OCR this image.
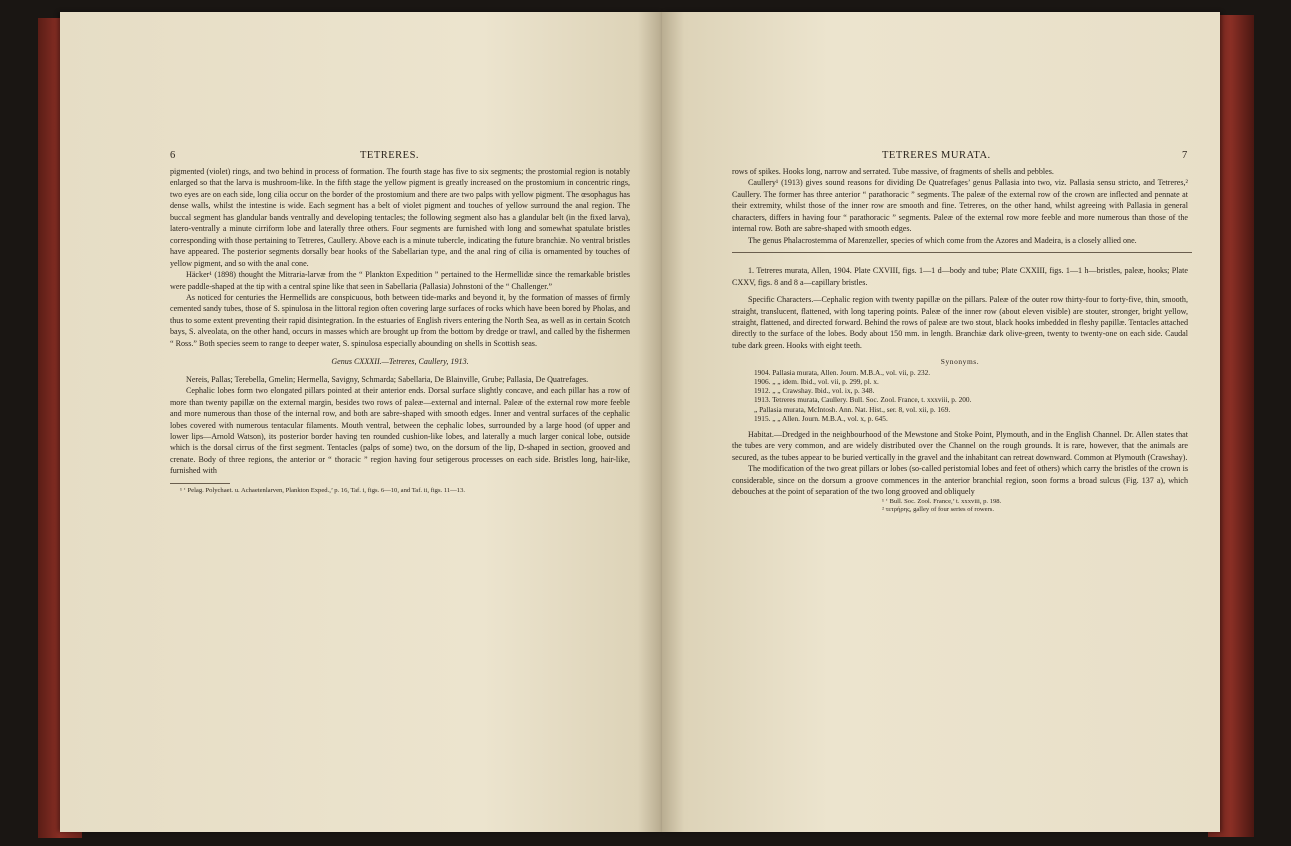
6	TETRERES.

pigmented (violet) rings, and two behind in process of formation. The fourth stage has five to six segments; the prostomial region is notably enlarged so that the larva is mushroom-like. In the fifth stage the yellow pigment is greatly increased on the prostomium in concentric rings, two eyes are on each side, long cilia occur on the border of the prostomium and there are two palps with yellow pigment. The œsophagus has dense walls, whilst the intestine is wide. Each segment has a belt of violet pigment and touches of yellow surround the anal region. The buccal segment has glandular bands ventrally and developing tentacles; the following segment also has a glandular belt (in the fixed larva), latero-ventrally a minute cirriform lobe and laterally three others. Four segments are furnished with long and somewhat spatulate bristles corresponding with those pertaining to Tetreres, Caullery. Above each is a minute tubercle, indicating the future branchiæ. No ventral bristles have appeared. The posterior segments dorsally bear hooks of the Sabellarian type, and the anal ring of cilia is ornamented by touches of yellow pigment, and so with the anal cone.

Häcker¹ (1898) thought the Mitraria-larvæ from the “ Plankton Expedition ” pertained to the Hermellidæ since the remarkable bristles were paddle-shaped at the tip with a central spine like that seen in Sabellaria (Pallasia) Johnstoni of the “ Challenger.”

As noticed for centuries the Hermellids are conspicuous, both between tide-marks and beyond it, by the formation of masses of firmly cemented sandy tubes, those of S. spinulosa in the littoral region often covering large surfaces of rocks which have been bored by Pholas, and thus to some extent preventing their rapid disintegration. In the estuaries of English rivers entering the North Sea, as well as in certain Scotch bays, S. alveolata, on the other hand, occurs in masses which are brought up from the bottom by dredge or trawl, and called by the fishermen “ Ross.” Both species seem to range to deeper water, S. spinulosa especially abounding on shells in Scottish seas.

Genus CXXXII.—Tetreres, Caullery, 1913.

Nereis, Pallas; Terebella, Gmelin; Hermella, Savigny, Schmarda; Sabellaria, De Blainville, Grube; Pallasia, De Quatrefages.

Cephalic lobes form two elongated pillars pointed at their anterior ends. Dorsal surface slightly concave, and each pillar has a row of more than twenty papillæ on the external margin, besides two rows of paleæ—external and internal. Paleæ of the external row more feeble and more numerous than those of the internal row, and both are sabre-shaped with smooth edges. Inner and ventral surfaces of the cephalic lobes covered with numerous tentacular filaments. Mouth ventral, between the cephalic lobes, surrounded by a large hood (of upper and lower lips—Arnold Watson), its posterior border having ten rounded cushion-like lobes, and laterally a much larger conical lobe, outside which is the dorsal cirrus of the first segment. Tentacles (palps of some) two, on the dorsum of the lip, D-shaped in section, grooved and crenate. Body of three regions, the anterior or “ thoracic ” region having four setigerous processes on each side. Bristles long, hair-like, furnished with

¹ ‘ Pelag. Polychaet. u. Achaetenlarven, Plankton Exped.,’ p. 16, Taf. i, figs. 6—10, and Taf. ii, figs. 11—13.

TETRERES MURATA.	7

rows of spikes. Hooks long, narrow and serrated. Tube massive, of fragments of shells and pebbles.

Caullery¹ (1913) gives sound reasons for dividing De Quatrefages’ genus Pallasia into two, viz. Pallasia sensu stricto, and Tetreres,² Caullery. The former has three anterior “ parathoracic ” segments. The paleæ of the external row of the crown are inflected and pennate at their extremity, whilst those of the inner row are smooth and fine. Tetreres, on the other hand, whilst agreeing with Pallasia in general characters, differs in having four “ parathoracic ” segments. Paleæ of the external row more feeble and more numerous than those of the internal row. Both are sabre-shaped with smooth edges.

The genus Phalacrostemma of Marenzeller, species of which come from the Azores and Madeira, is a closely allied one.

1. Tetreres murata, Allen, 1904. Plate CXVIII, figs. 1—1 d—body and tube; Plate CXXIII, figs. 1—1 h—bristles, paleæ, hooks; Plate CXXV, figs. 8 and 8 a—capillary bristles.

Specific Characters.—Cephalic region with twenty papillæ on the pillars. Paleæ of the outer row thirty-four to forty-five, thin, smooth, straight, translucent, flattened, with long tapering points. Paleæ of the inner row (about eleven visible) are stouter, stronger, bright yellow, straight, flattened, and directed forward. Behind the rows of paleæ are two stout, black hooks imbedded in fleshy papillæ. Tentacles attached directly to the surface of the lobes. Body about 150 mm. in length. Branchiæ dark olive-green, twenty to twenty-one on each side. Caudal tube dark green. Hooks with eight teeth.

Synonyms.

1904. Pallasia murata, Allen. Journ. M.B.A., vol. vii, p. 232.
1906. „ „ idem. Ibid., vol. vii, p. 299, pl. x.
1912. „ „ Crawshay. Ibid., vol. ix, p. 348.
1913. Tetreres murata, Caullery. Bull. Soc. Zool. France, t. xxxviii, p. 200.
„ Pallasia murata, McIntosh. Ann. Nat. Hist., ser. 8, vol. xii, p. 169.
1915. „ „ Allen. Journ. M.B.A., vol. x, p. 645.

Habitat.—Dredged in the neighbourhood of the Mewstone and Stoke Point, Plymouth, and in the English Channel. Dr. Allen states that the tubes are very common, and are widely distributed over the Channel on the rough grounds. It is rare, however, that the animals are secured, as the tubes appear to be buried vertically in the gravel and the inhabitant can retreat downward. Common at Plymouth (Crawshay).

The modification of the two great pillars or lobes (so-called peristomial lobes and feet of others) which carry the bristles of the crown is considerable, since on the dorsum a groove commences in the anterior branchial region, soon forms a broad sulcus (Fig. 137 a), which debouches at the point of separation of the two long grooved and obliquely

¹ ‘ Bull. Soc. Zool. France,’ t. xxxviii, p. 198.
² τετρήρης, galley of four series of rowers.
